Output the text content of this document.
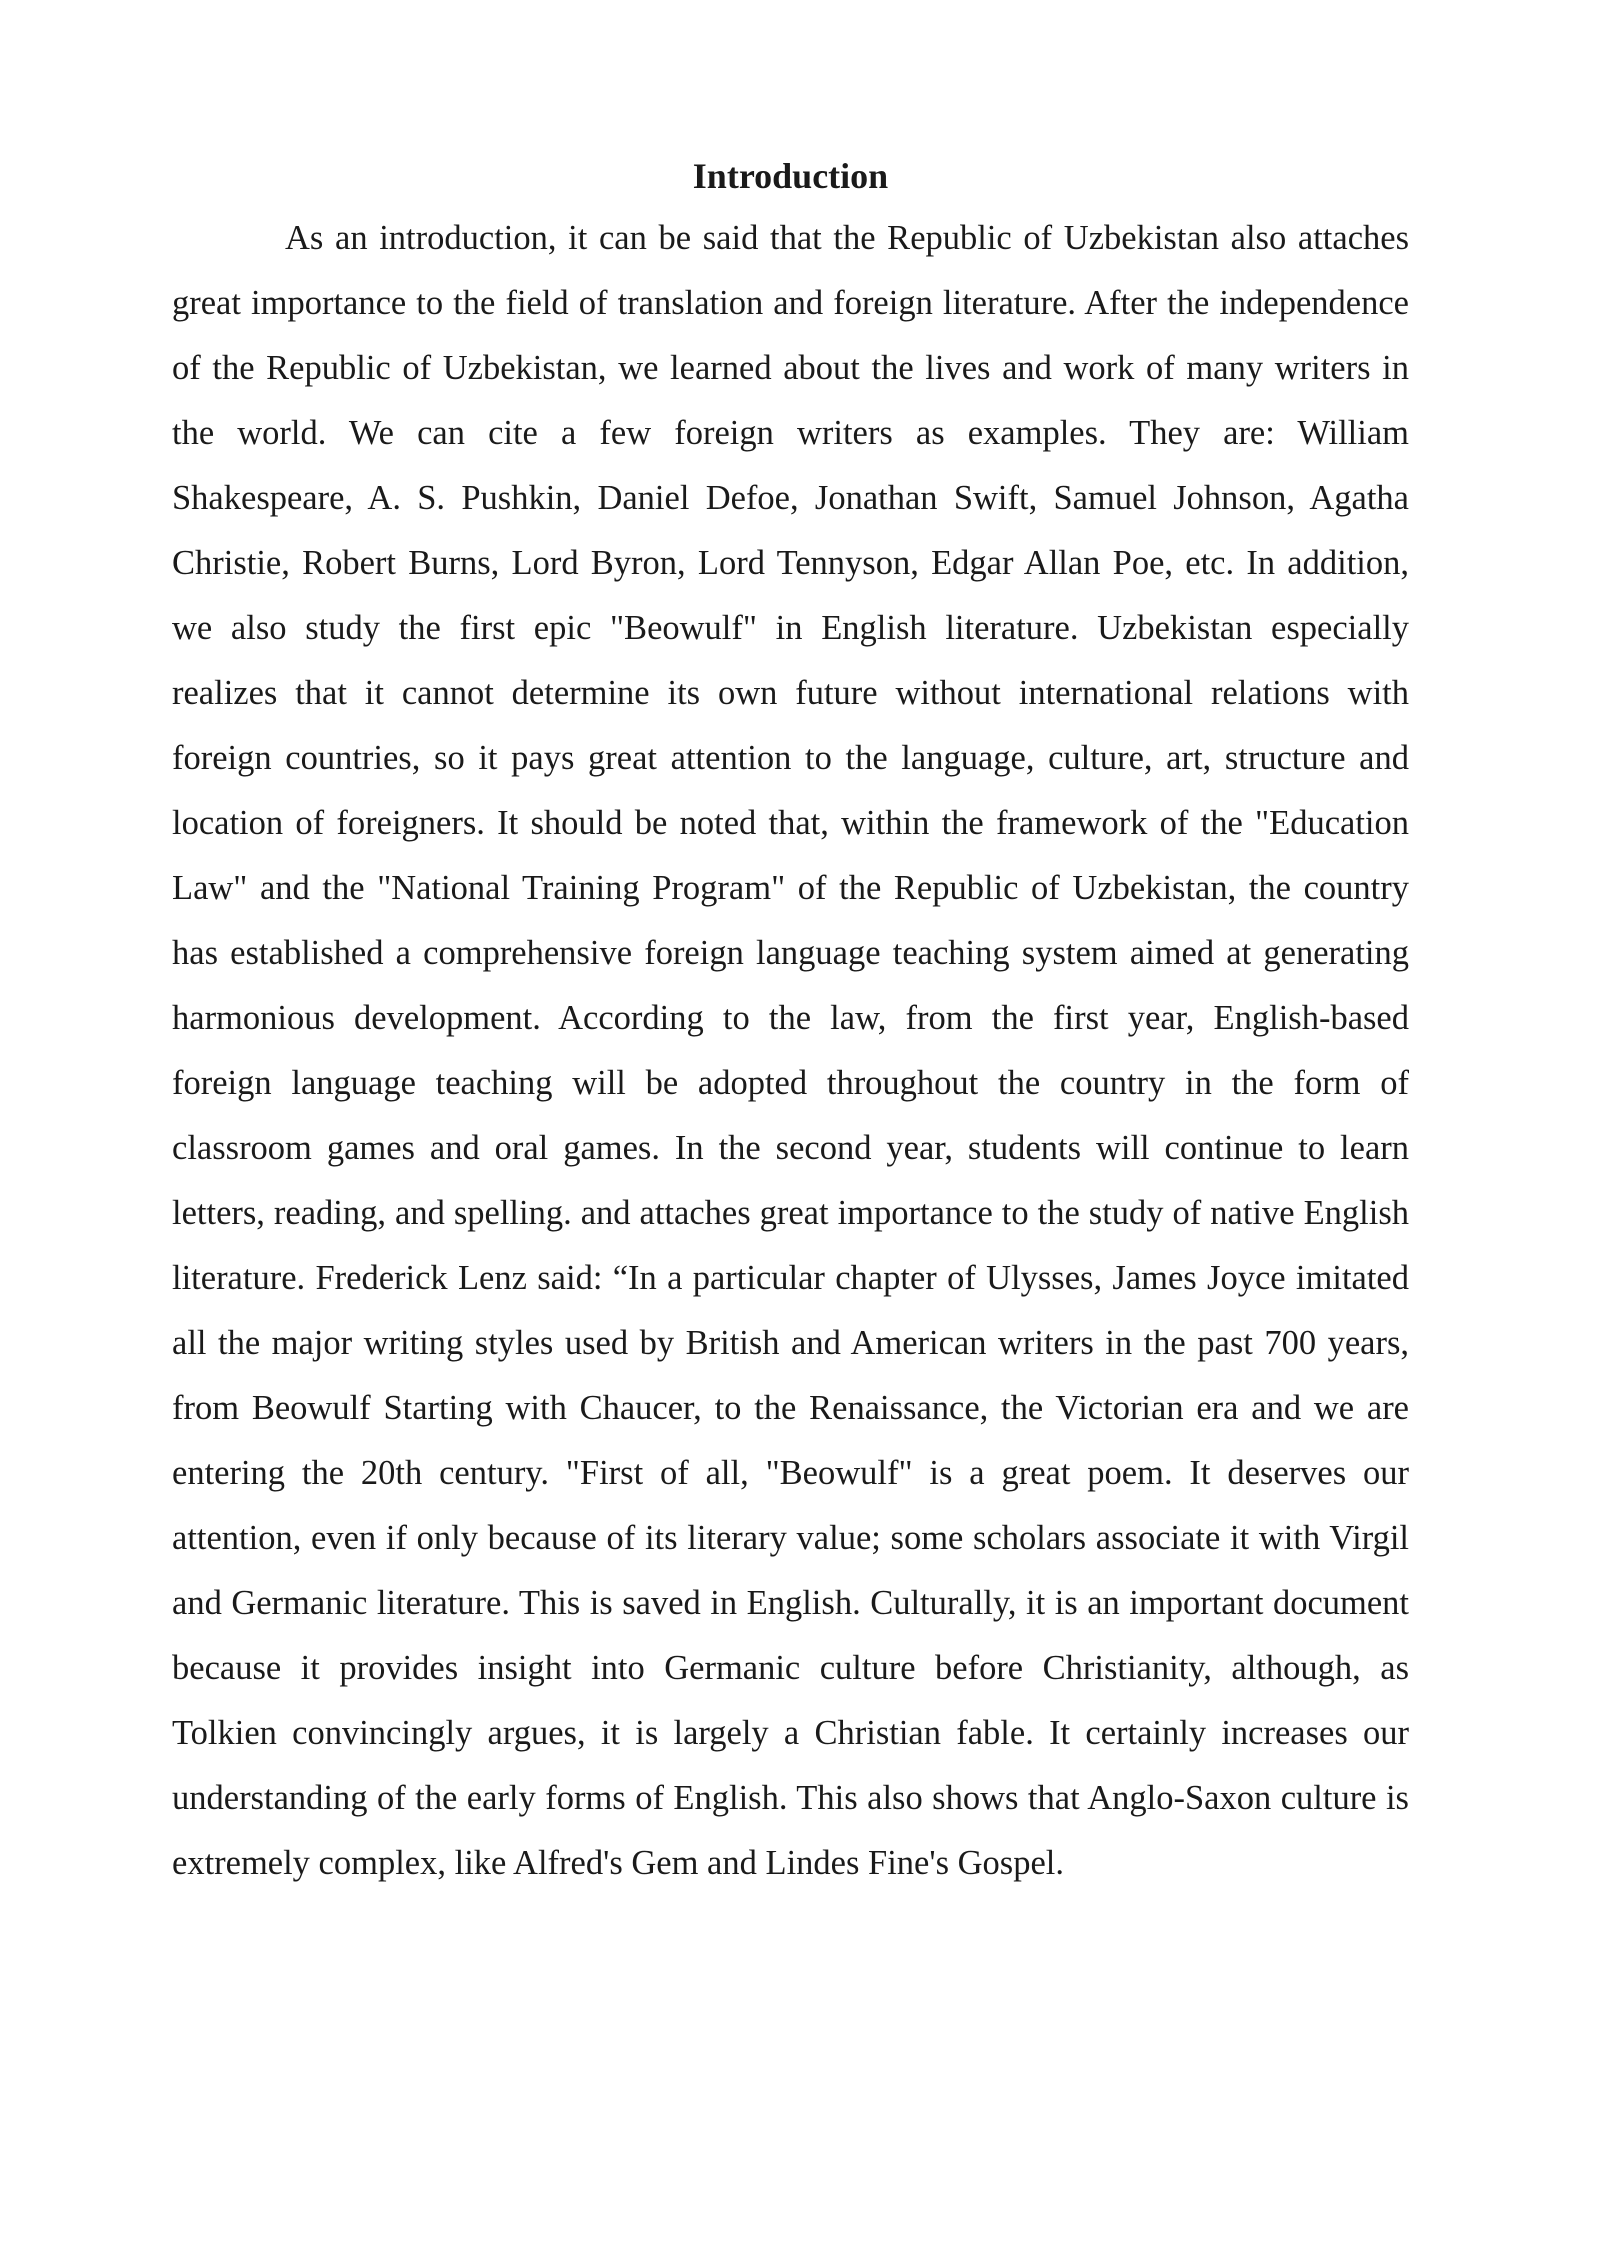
Introduction

As an introduction, it can be said that the Republic of Uzbekistan also attaches great importance to the field of translation and foreign literature. After the independence of the Republic of Uzbekistan, we learned about the lives and work of many writers in the world. We can cite a few foreign writers as examples. They are: William Shakespeare, A. S. Pushkin, Daniel Defoe, Jonathan Swift, Samuel Johnson, Agatha Christie, Robert Burns, Lord Byron, Lord Tennyson, Edgar Allan Poe, etc. In addition, we also study the first epic "Beowulf" in English literature. Uzbekistan especially realizes that it cannot determine its own future without international relations with foreign countries, so it pays great attention to the language, culture, art, structure and location of foreigners. It should be noted that, within the framework of the "Education Law" and the "National Training Program" of the Republic of Uzbekistan, the country has established a comprehensive foreign language teaching system aimed at generating harmonious development. According to the law, from the first year, English-based foreign language teaching will be adopted throughout the country in the form of classroom games and oral games. In the second year, students will continue to learn letters, reading, and spelling. and attaches great importance to the study of native English literature. Frederick Lenz said: “In a particular chapter of Ulysses, James Joyce imitated all the major writing styles used by British and American writers in the past 700 years, from Beowulf Starting with Chaucer, to the Renaissance, the Victorian era and we are entering the 20th century. "First of all, "Beowulf" is a great poem. It deserves our attention, even if only because of its literary value; some scholars associate it with Virgil and Germanic literature. This is saved in English. Culturally, it is an important document because it provides insight into Germanic culture before Christianity, although, as Tolkien convincingly argues, it is largely a Christian fable. It certainly increases our understanding of the early forms of English. This also shows that Anglo-Saxon culture is extremely complex, like Alfred's Gem and Lindes Fine's Gospel.
